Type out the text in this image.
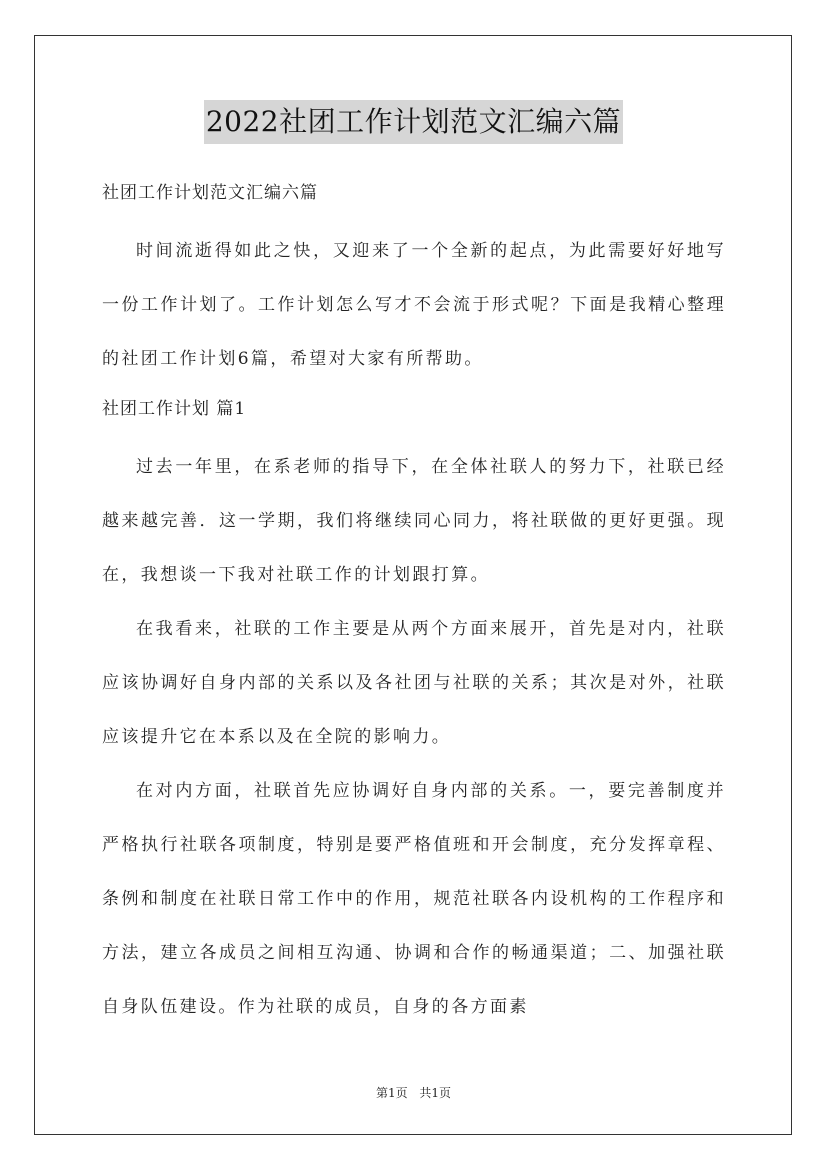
2022社团工作计划范文汇编六篇
社团工作计划范文汇编六篇

时间流逝得如此之快，又迎来了一个全新的起点，为此需要好好地写一份工作计划了。工作计划怎么写才不会流于形式呢？下面是我精心整理的社团工作计划6篇，希望对大家有所帮助。

社团工作计划 篇1

过去一年里，在系老师的指导下，在全体社联人的努力下，社联已经越来越完善．这一学期，我们将继续同心同力，将社联做的更好更强。现在，我想谈一下我对社联工作的计划跟打算。

在我看来，社联的工作主要是从两个方面来展开，首先是对内，社联应该协调好自身内部的关系以及各社团与社联的关系；其次是对外，社联应该提升它在本系以及在全院的影响力。

在对内方面，社联首先应协调好自身内部的关系。一，要完善制度并严格执行社联各项制度，特别是要严格值班和开会制度，充分发挥章程、条例和制度在社联日常工作中的作用，规范社联各内设机构的工作程序和方法，建立各成员之间相互沟通、协调和合作的畅通渠道；二、加强社联自身队伍建设。作为社联的成员，自身的各方面素

第1页 共1页
